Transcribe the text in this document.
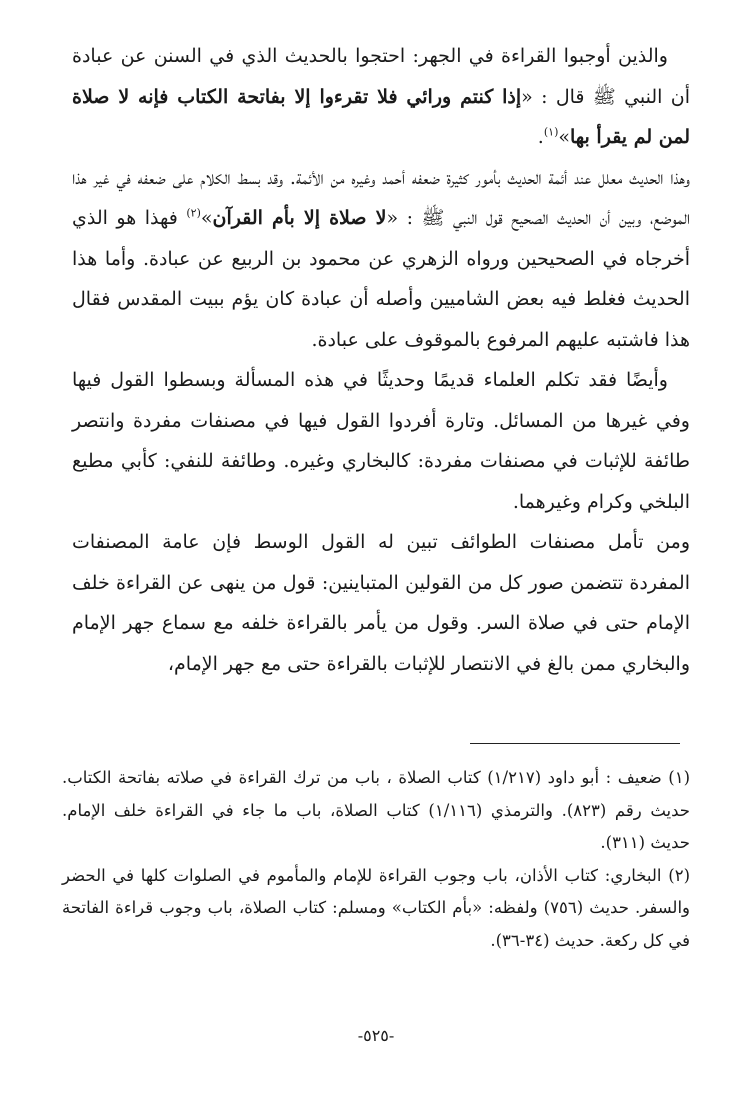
والذين أوجبوا القراءة في الجهر: احتجوا بالحديث الذي في السنن عن عبادة أن النبي ﷺ قال : «إذا كنتم ورائي فلا تقرءوا إلا بفاتحة الكتاب فإنه لا صلاة لمن لم يقرأ بها»$^{(١)}$.

وهذا الحديث معلل عند أئمة الحديث بأمور كثيرة ضعفه أحمد وغيره من الأئمة. وقد بسط الكلام على ضعفه في غير هذا الموضع، وبين أن الحديث الصحيح قول النبي ﷺ : «لا صلاة إلا بأم القرآن»$^{(٢)}$ فهذا هو الذي أخرجاه في الصحيحين ورواه الزهري عن محمود بن الربيع عن عبادة. وأما هذا الحديث فغلط فيه بعض الشاميين وأصله أن عبادة كان يؤم ببيت المقدس فقال هذا فاشتبه عليهم المرفوع بالموقوف على عبادة.

وأيضًا فقد تكلم العلماء قديمًا وحديثًا في هذه المسألة وبسطوا القول فيها وفي غيرها من المسائل. وتارة أفردوا القول فيها في مصنفات مفردة وانتصر طائفة للإثبات في مصنفات مفردة: كالبخاري وغيره. وطائفة للنفي: كأبي مطيع البلخي وكرام وغيرهما.

ومن تأمل مصنفات الطوائف تبين له القول الوسط فإن عامة المصنفات المفردة تتضمن صور كل من القولين المتباينين: قول من ينهى عن القراءة خلف الإمام حتى في صلاة السر. وقول من يأمر بالقراءة خلفه مع سماع جهر الإمام والبخاري ممن بالغ في الانتصار للإثبات بالقراءة حتى مع جهر الإمام،

(١) ضعيف : أبو داود (١/٢١٧) كتاب الصلاة ، باب من ترك القراءة في صلاته بفاتحة الكتاب. حديث رقم (٨٢٣). والترمذي (١/١١٦) كتاب الصلاة، باب ما جاء في القراءة خلف الإمام. حديث (٣١١).

(٢) البخاري: كتاب الأذان، باب وجوب القراءة للإمام والمأموم في الصلوات كلها في الحضر والسفر. حديث (٧٥٦) ولفظه: «بأم الكتاب» ومسلم: كتاب الصلاة، باب وجوب قراءة الفاتحة في كل ركعة. حديث (٣٤-٣٦).

-٥٢٥-
